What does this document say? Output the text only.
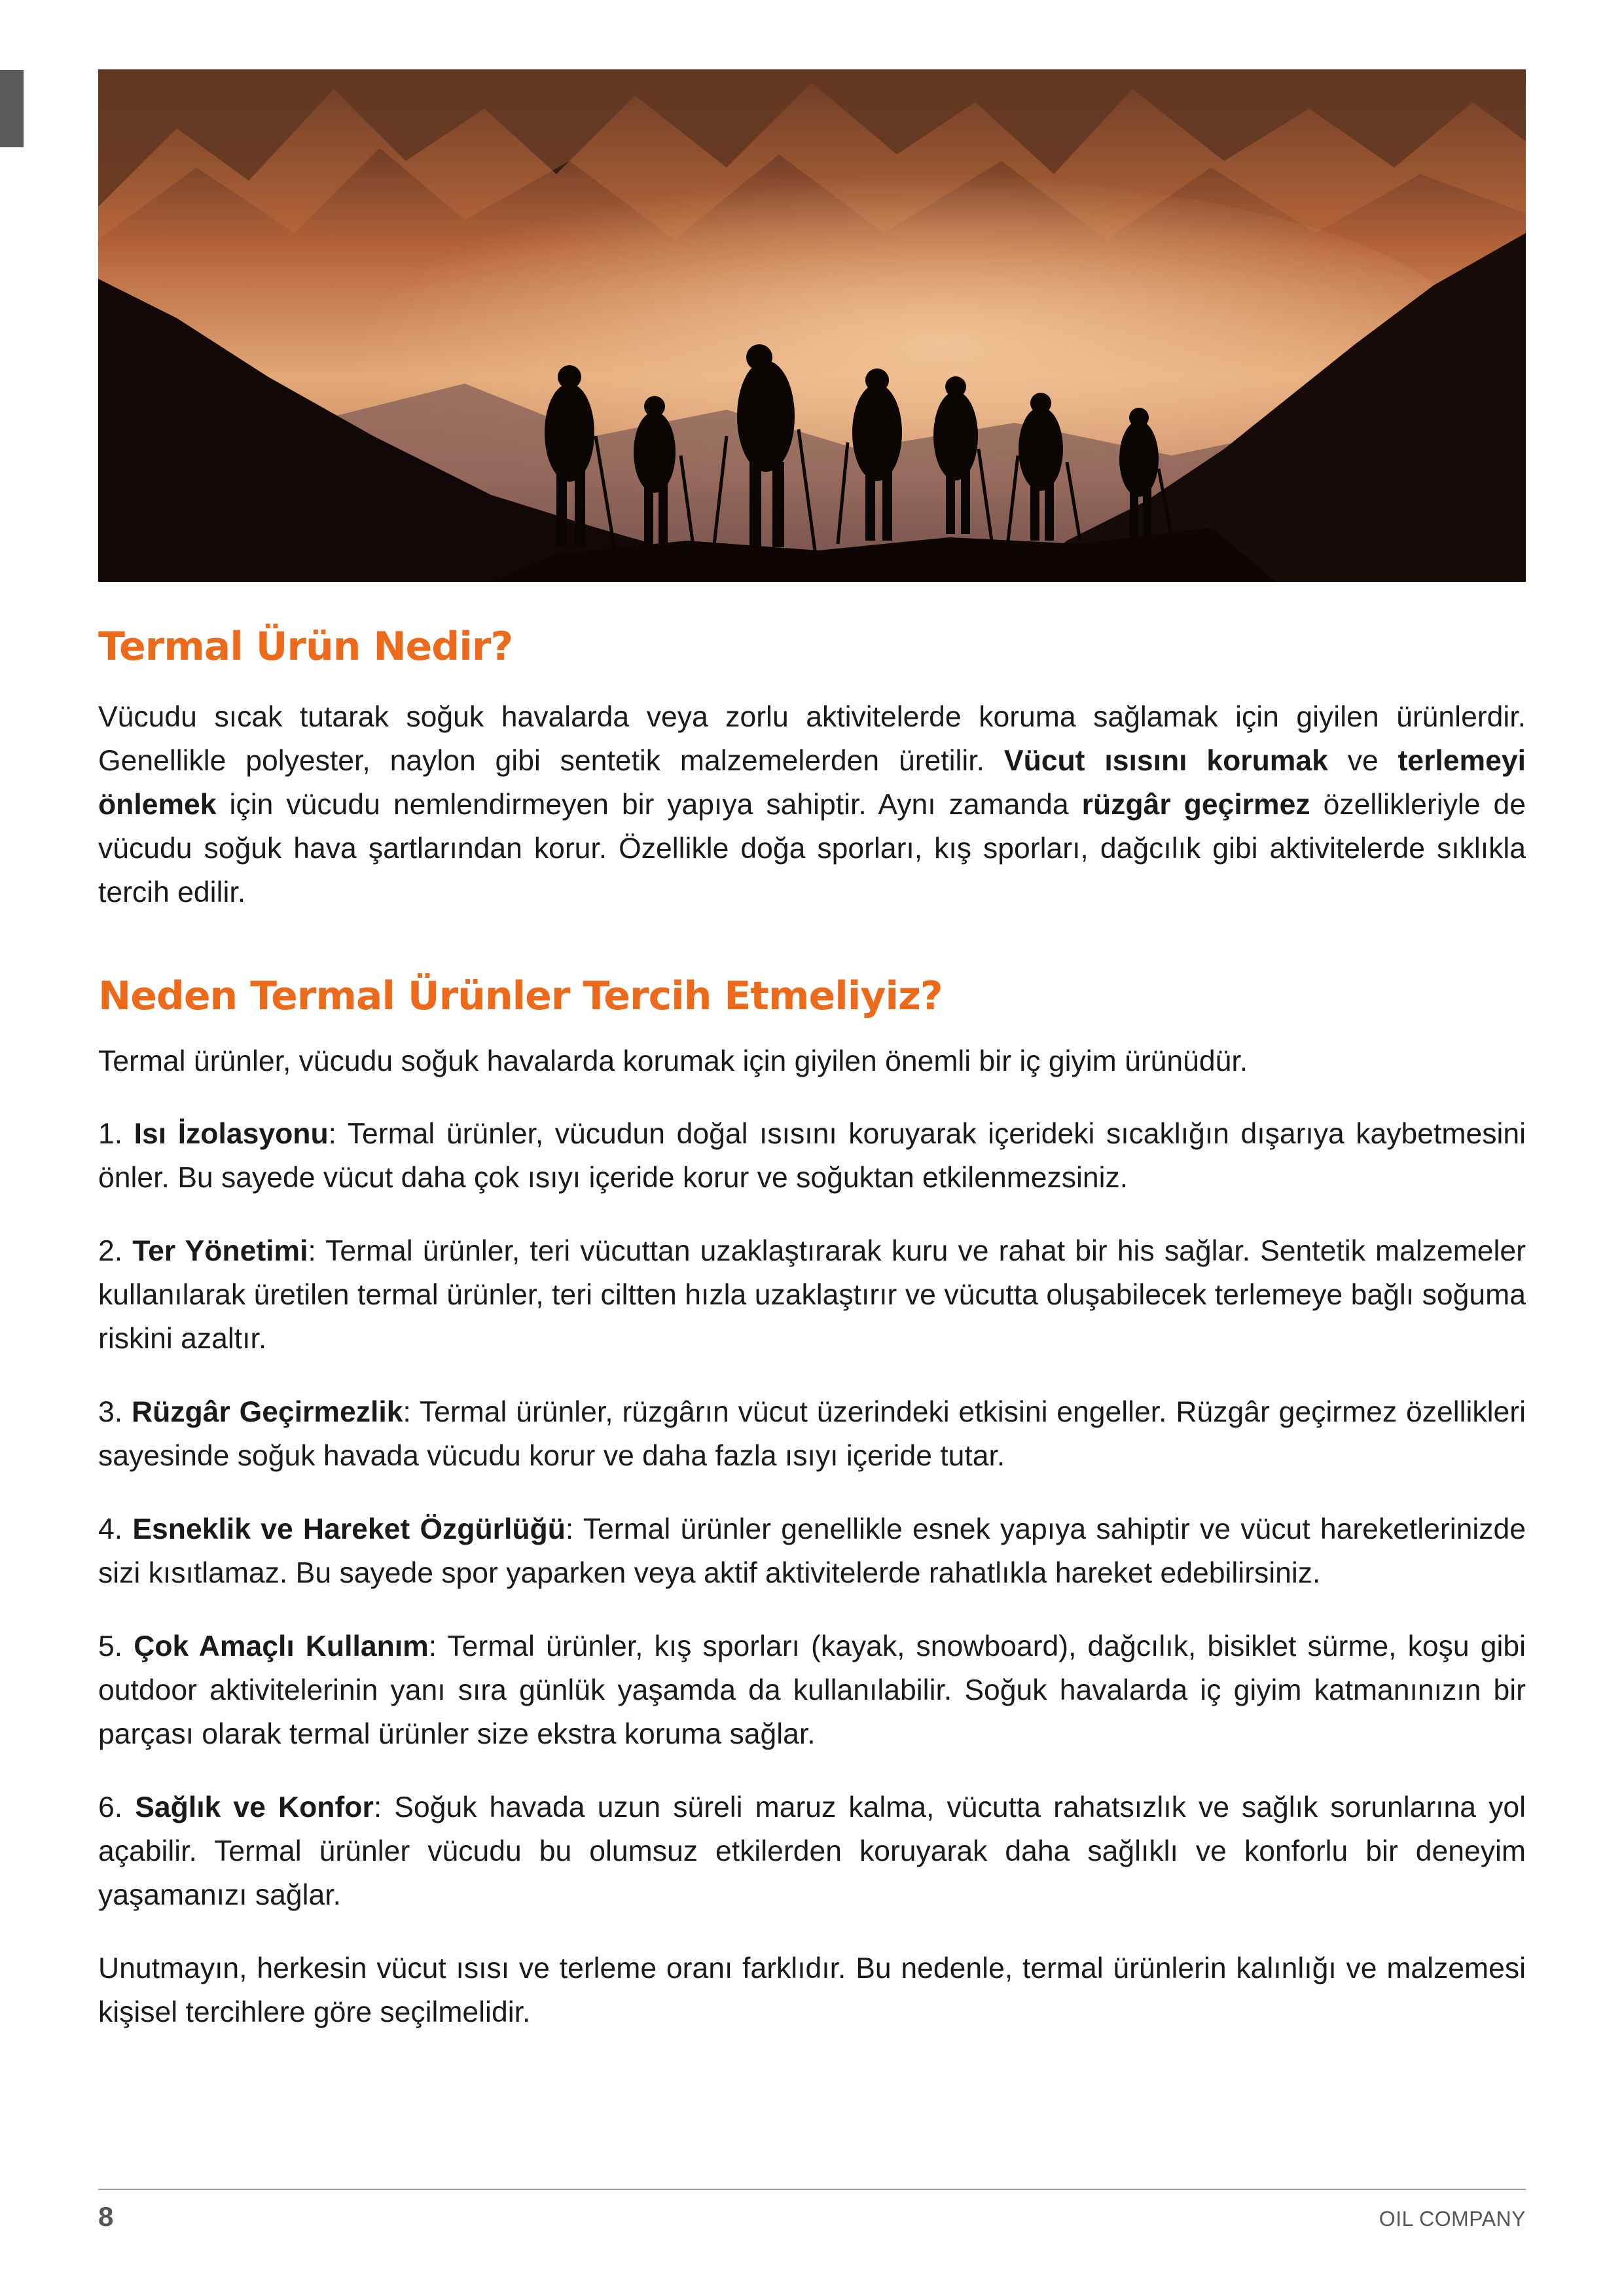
Termal Ürün Nedir?

Vücudu sıcak tutarak soğuk havalarda veya zorlu aktivitelerde koruma sağlamak için giyilen ürünlerdir. Genellikle polyester, naylon gibi sentetik malzemelerden üretilir. Vücut ısısını korumak ve terlemeyi önlemek için vücudu nemlendirmeyen bir yapıya sahiptir. Aynı zamanda rüzgâr geçirmez özellikleriyle de vücudu soğuk hava şartlarından korur. Özellikle doğa sporları, kış sporları, dağcılık gibi aktivitelerde sıklıkla tercih edilir.

Neden Termal Ürünler Tercih Etmeliyiz?

Termal ürünler, vücudu soğuk havalarda korumak için giyilen önemli bir iç giyim ürünüdür.

1. Isı İzolasyonu: Termal ürünler, vücudun doğal ısısını koruyarak içerideki sıcaklığın dışarıya kaybetmesini önler. Bu sayede vücut daha çok ısıyı içeride korur ve soğuktan etkilenmezsiniz.
2. Ter Yönetimi: Termal ürünler, teri vücuttan uzaklaştırarak kuru ve rahat bir his sağlar. Sentetik malzemeler kullanılarak üretilen termal ürünler, teri ciltten hızla uzaklaştırır ve vücutta oluşabilecek terlemeye bağlı soğuma riskini azaltır.
3. Rüzgâr Geçirmezlik: Termal ürünler, rüzgârın vücut üzerindeki etkisini engeller. Rüzgâr geçirmez özellikleri sayesinde soğuk havada vücudu korur ve daha fazla ısıyı içeride tutar.
4. Esneklik ve Hareket Özgürlüğü: Termal ürünler genellikle esnek yapıya sahiptir ve vücut hareketlerinizde sizi kısıtlamaz. Bu sayede spor yaparken veya aktif aktivitelerde rahatlıkla hareket edebilirsiniz.
5. Çok Amaçlı Kullanım: Termal ürünler, kış sporları (kayak, snowboard), dağcılık, bisiklet sürme, koşu gibi outdoor aktivitelerinin yanı sıra günlük yaşamda da kullanılabilir. Soğuk havalarda iç giyim katmanınızın bir parçası olarak termal ürünler size ekstra koruma sağlar.
6. Sağlık ve Konfor: Soğuk havada uzun süreli maruz kalma, vücutta rahatsızlık ve sağlık sorunlarına yol açabilir. Termal ürünler vücudu bu olumsuz etkilerden koruyarak daha sağlıklı ve konforlu bir deneyim yaşamanızı sağlar.

Unutmayın, herkesin vücut ısısı ve terleme oranı farklıdır. Bu nedenle, termal ürünlerin kalınlığı ve malzemesi kişisel tercihlere göre seçilmelidir.

8	OIL COMPANY
